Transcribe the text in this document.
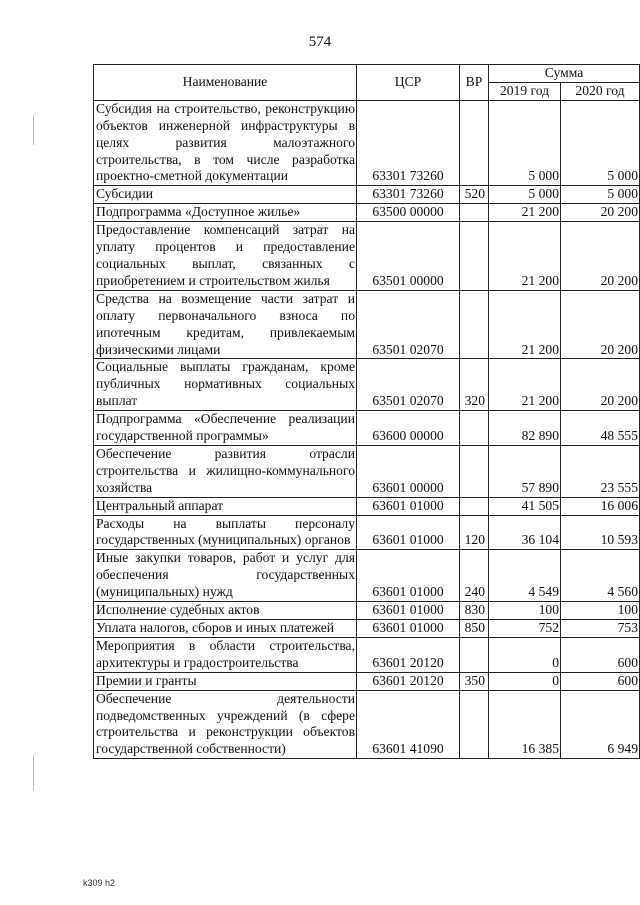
574
Наименование	ЦСР	ВР	Сумма	
			2019 год	2020 год
Субсидия на строительство, реконструкцию объектов инженерной инфраструктуры в целях развития малоэтажного строительства, в том числе разработка проектно-сметной документации	63301 73260		5 000	5 000
Субсидии	63301 73260	520	5 000	5 000
Подпрограмма «Доступное жилье»	63500 00000		21 200	20 200
Предоставление компенсаций затрат на уплату процентов и предоставление социальных выплат, связанных с приобретением и строительством жилья	63501 00000		21 200	20 200
Средства на возмещение части затрат и оплату первоначального взноса по ипотечным кредитам, привлекаемым физическими лицами	63501 02070		21 200	20 200
Социальные выплаты гражданам, кроме публичных нормативных социальных выплат	63501 02070	320	21 200	20 200
Подпрограмма «Обеспечение реализации государственной программы»	63600 00000		82 890	48 555
Обеспечение развития отрасли строительства и жилищно-коммунального хозяйства	63601 00000		57 890	23 555
Центральный аппарат	63601 01000		41 505	16 006
Расходы на выплаты персоналу государственных (муниципальных) органов	63601 01000	120	36 104	10 593
Иные закупки товаров, работ и услуг для обеспечения государственных (муниципальных) нужд	63601 01000	240	4 549	4 560
Исполнение судебных актов	63601 01000	830	100	100
Уплата налогов, сборов и иных платежей	63601 01000	850	752	753
Мероприятия в области строительства, архитектуры и градостроительства	63601 20120		0	600
Премии и гранты	63601 20120	350	0	600
Обеспечение деятельности подведомственных учреждений (в сфере строительства и реконструкции объектов государственной собственности)	63601 41090		16 385	6 949
k309 h2
